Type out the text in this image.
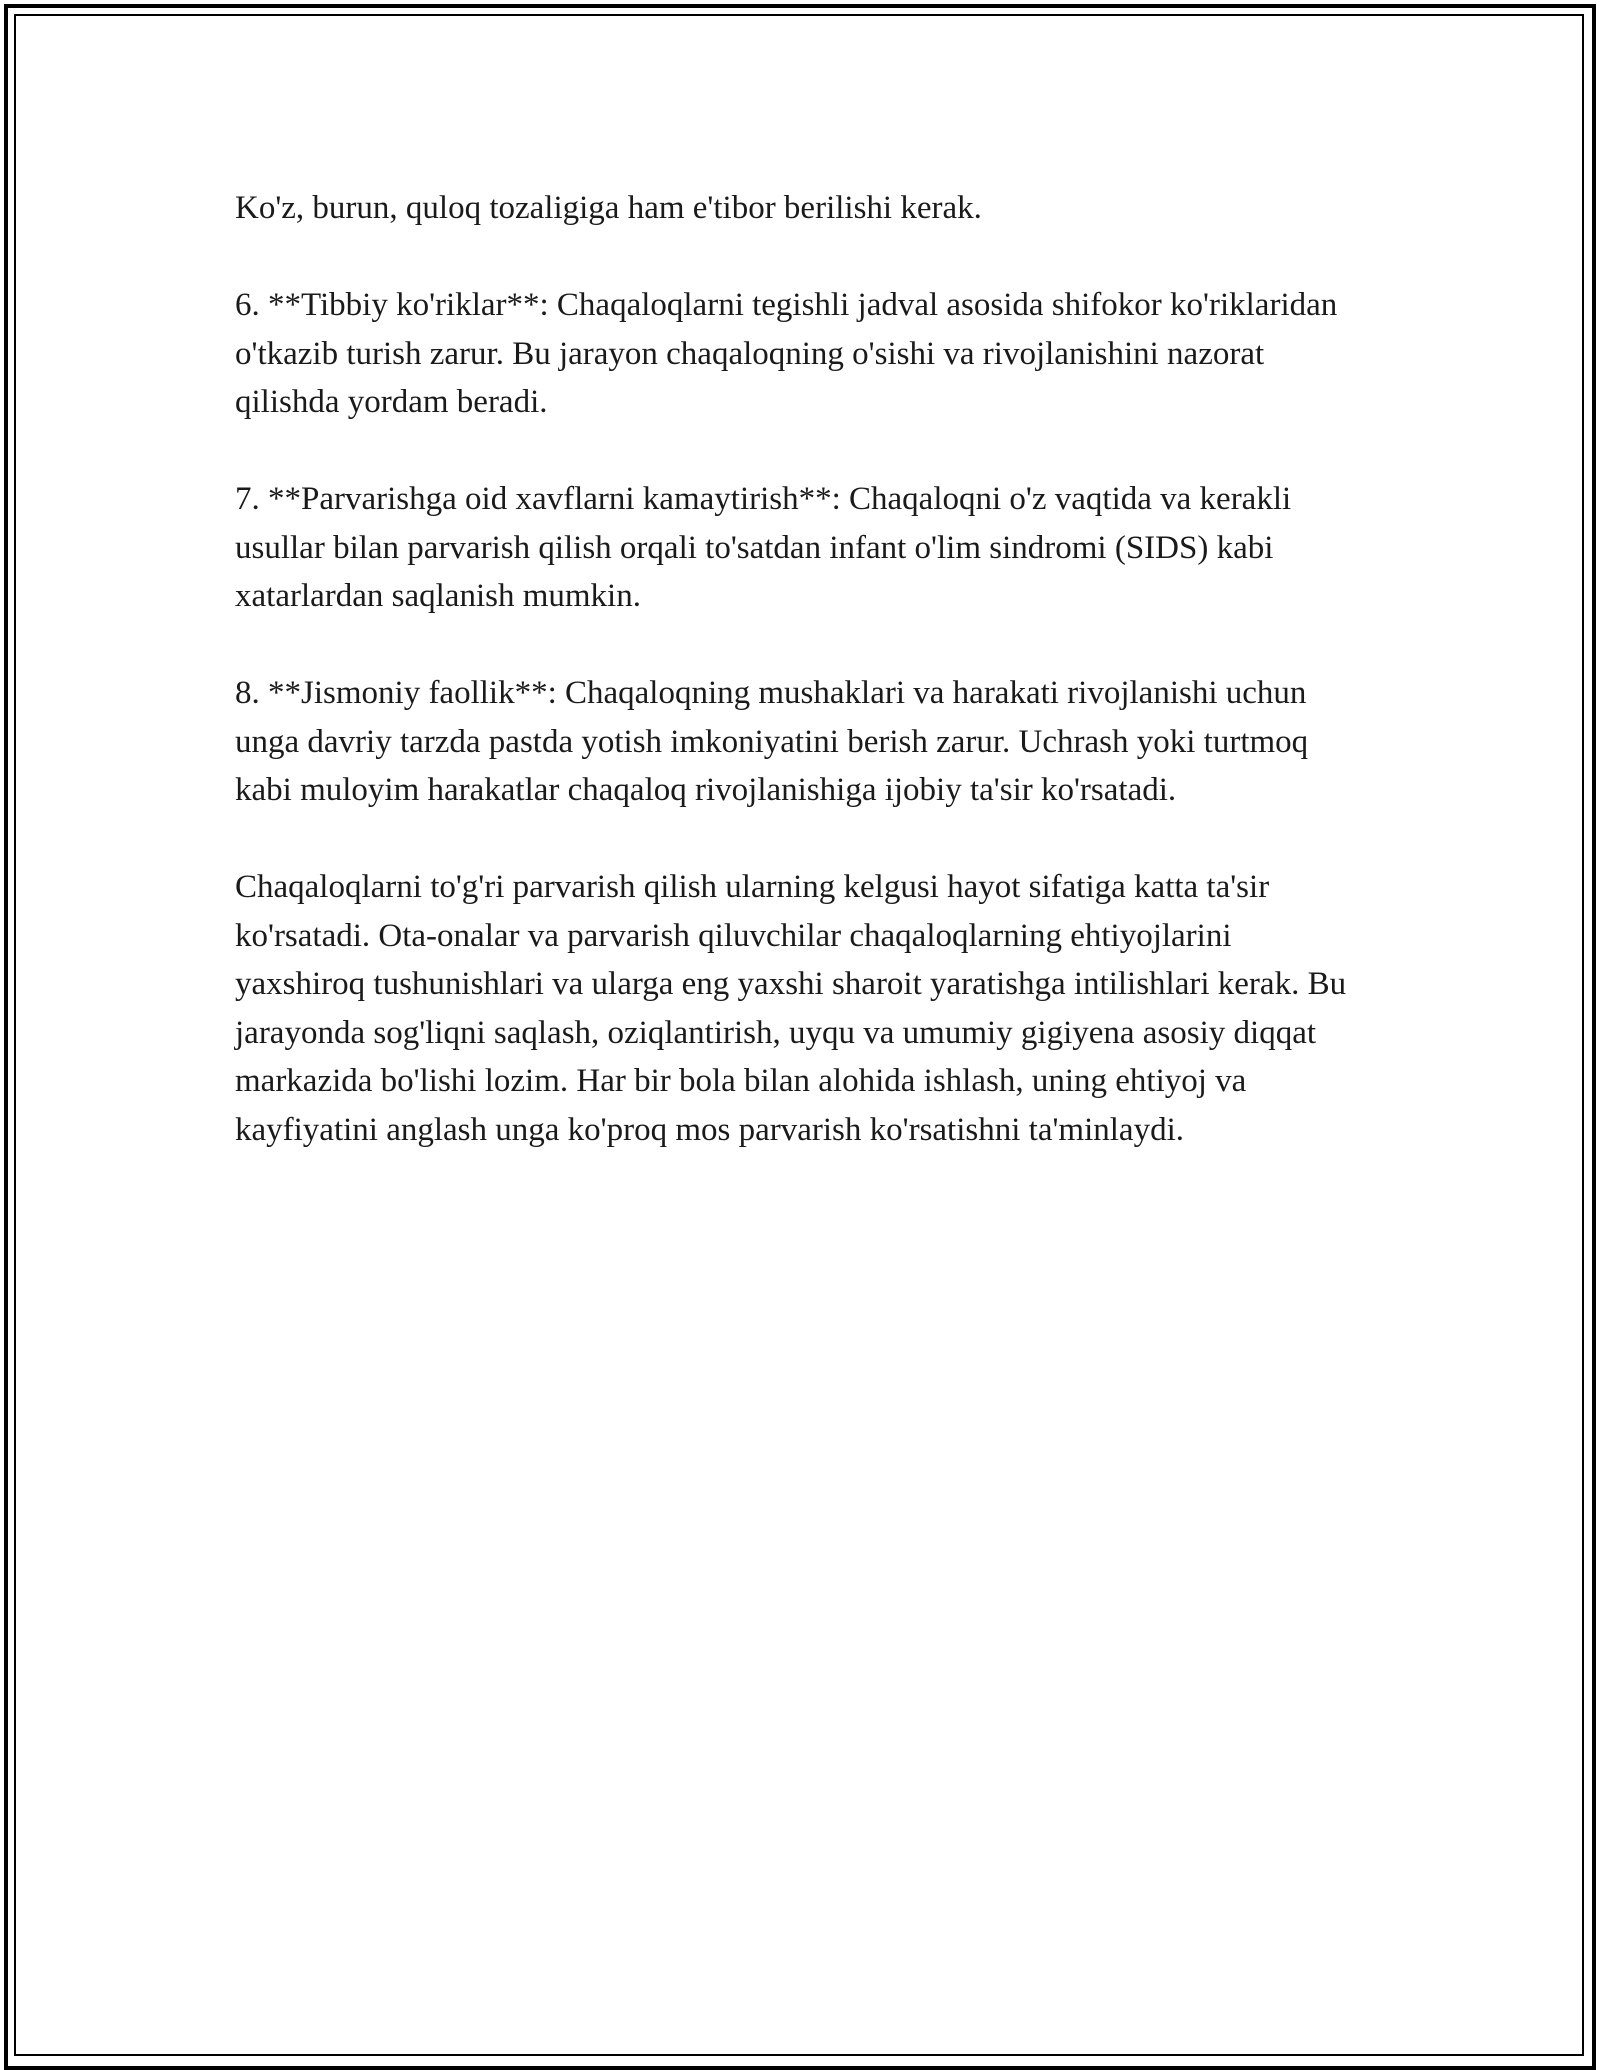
Ko'z, burun, quloq tozaligiga ham e'tibor berilishi kerak.

6. **Tibbiy ko'riklar**: Chaqaloqlarni tegishli jadval asosida shifokor ko'riklaridan o'tkazib turish zarur. Bu jarayon chaqaloqning o'sishi va rivojlanishini nazorat qilishda yordam beradi.

7. **Parvarishga oid xavflarni kamaytirish**: Chaqaloqni o'z vaqtida va kerakli usullar bilan parvarish qilish orqali to'satdan infant o'lim sindromi (SIDS) kabi xatarlardan saqlanish mumkin.

8. **Jismoniy faollik**: Chaqaloqning mushaklari va harakati rivojlanishi uchun unga davriy tarzda pastda yotish imkoniyatini berish zarur. Uchrash yoki turtmoq kabi muloyim harakatlar chaqaloq rivojlanishiga ijobiy ta'sir ko'rsatadi.

Chaqaloqlarni to'g'ri parvarish qilish ularning kelgusi hayot sifatiga katta ta'sir ko'rsatadi. Ota-onalar va parvarish qiluvchilar chaqaloqlarning ehtiyojlarini yaxshiroq tushunishlari va ularga eng yaxshi sharoit yaratishga intilishlari kerak. Bu jarayonda sog'liqni saqlash, oziqlantirish, uyqu va umumiy gigiyena asosiy diqqat markazida bo'lishi lozim. Har bir bola bilan alohida ishlash, uning ehtiyoj va kayfiyatini anglash unga ko'proq mos parvarish ko'rsatishni ta'minlaydi.
